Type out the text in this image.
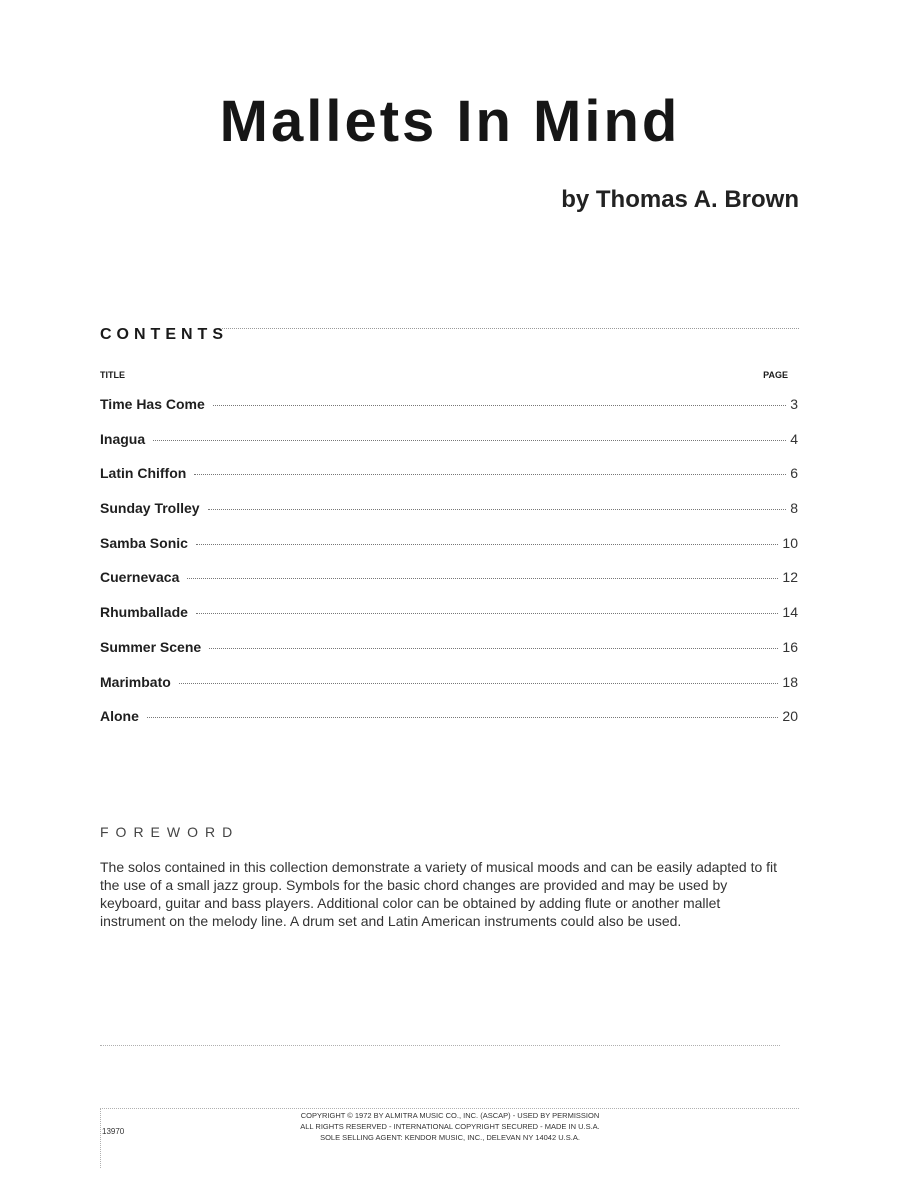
Mallets In Mind

by Thomas A. Brown

CONTENTS
TITLE	PAGE
Time Has Come	3
Inagua	4
Latin Chiffon	6
Sunday Trolley	8
Samba Sonic	10
Cuernevaca	12
Rhumballade	14
Summer Scene	16
Marimbato	18
Alone	20
FOREWORD

The solos contained in this collection demonstrate a variety of musical moods and can be easily adapted to fit the use of a small jazz group. Symbols for the basic chord changes are provided and may be used by keyboard, guitar and bass players. Additional color can be obtained by adding flute or another mallet instrument on the melody line. A drum set and Latin American instruments could also be used.

13970
COPYRIGHT © 1972 BY ALMITRA MUSIC CO., INC. (ASCAP) - USED BY PERMISSION
ALL RIGHTS RESERVED - INTERNATIONAL COPYRIGHT SECURED - MADE IN U.S.A.
SOLE SELLING AGENT: KENDOR MUSIC, INC., DELEVAN NY 14042 U.S.A.
